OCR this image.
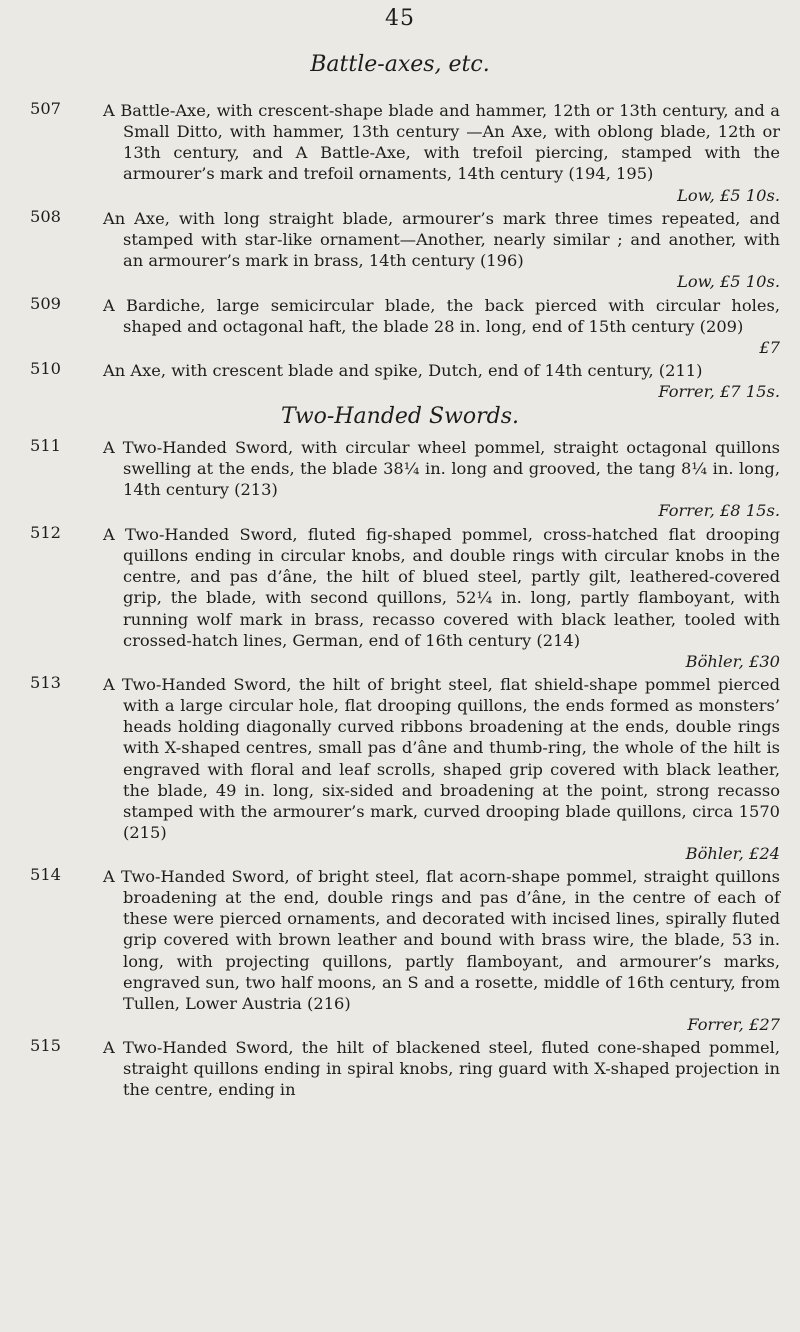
45
Battle-axes, etc.
507	A Battle-Axe, with crescent-shape blade and hammer, 12th or 13th century, and a Small Ditto, with hammer, 13th century —An Axe, with oblong blade, 12th or 13th century, and A Battle-Axe, with trefoil piercing, stamped with the armourer’s mark and trefoil ornaments, 14th century (194, 195)
Low, £5 10s.
508	An Axe, with long straight blade, armourer’s mark three times repeated, and stamped with star-like ornament—Another, nearly similar ; and another, with an armourer’s mark in brass, 14th century (196)
Low, £5 10s.
509	A Bardiche, large semicircular blade, the back pierced with circular holes, shaped and octagonal haft, the blade 28 in. long, end of 15th century (209)
£7
510	An Axe, with crescent blade and spike, Dutch, end of 14th century, (211)
Forrer, £7 15s.
Two-Handed Swords.
511	A Two-Handed Sword, with circular wheel pommel, straight octagonal quillons swelling at the ends, the blade 38¼ in. long and grooved, the tang 8¼ in. long, 14th century (213)
Forrer, £8 15s.
512	A Two-Handed Sword, fluted fig-shaped pommel, cross-hatched flat drooping quillons ending in circular knobs, and double rings with circular knobs in the centre, and pas d’âne, the hilt of blued steel, partly gilt, leathered-covered grip, the blade, with second quillons, 52¼ in. long, partly flamboyant, with running wolf mark in brass, recasso covered with black leather, tooled with crossed-hatch lines, German, end of 16th century (214)
Böhler, £30
513	A Two-Handed Sword, the hilt of bright steel, flat shield-shape pommel pierced with a large circular hole, flat drooping quillons, the ends formed as monsters’ heads holding diagonally curved ribbons broadening at the ends, double rings with X-shaped centres, small pas d’âne and thumb-ring, the whole of the hilt is engraved with floral and leaf scrolls, shaped grip covered with black leather, the blade, 49 in. long, six-sided and broadening at the point, strong recasso stamped with the armourer’s mark, curved drooping blade quillons, circa 1570 (215)
Böhler, £24
514	A Two-Handed Sword, of bright steel, flat acorn-shape pommel, straight quillons broadening at the end, double rings and pas d’âne, in the centre of each of these were pierced ornaments, and decorated with incised lines, spirally fluted grip covered with brown leather and bound with brass wire, the blade, 53 in. long, with projecting quillons, partly flamboyant, and armourer’s marks, engraved sun, two half moons, an S and a rosette, middle of 16th century, from Tullen, Lower Austria (216)
Forrer, £27
515	A Two-Handed Sword, the hilt of blackened steel, fluted cone-shaped pommel, straight quillons ending in spiral knobs, ring guard with X-shaped projection in the centre, ending in
